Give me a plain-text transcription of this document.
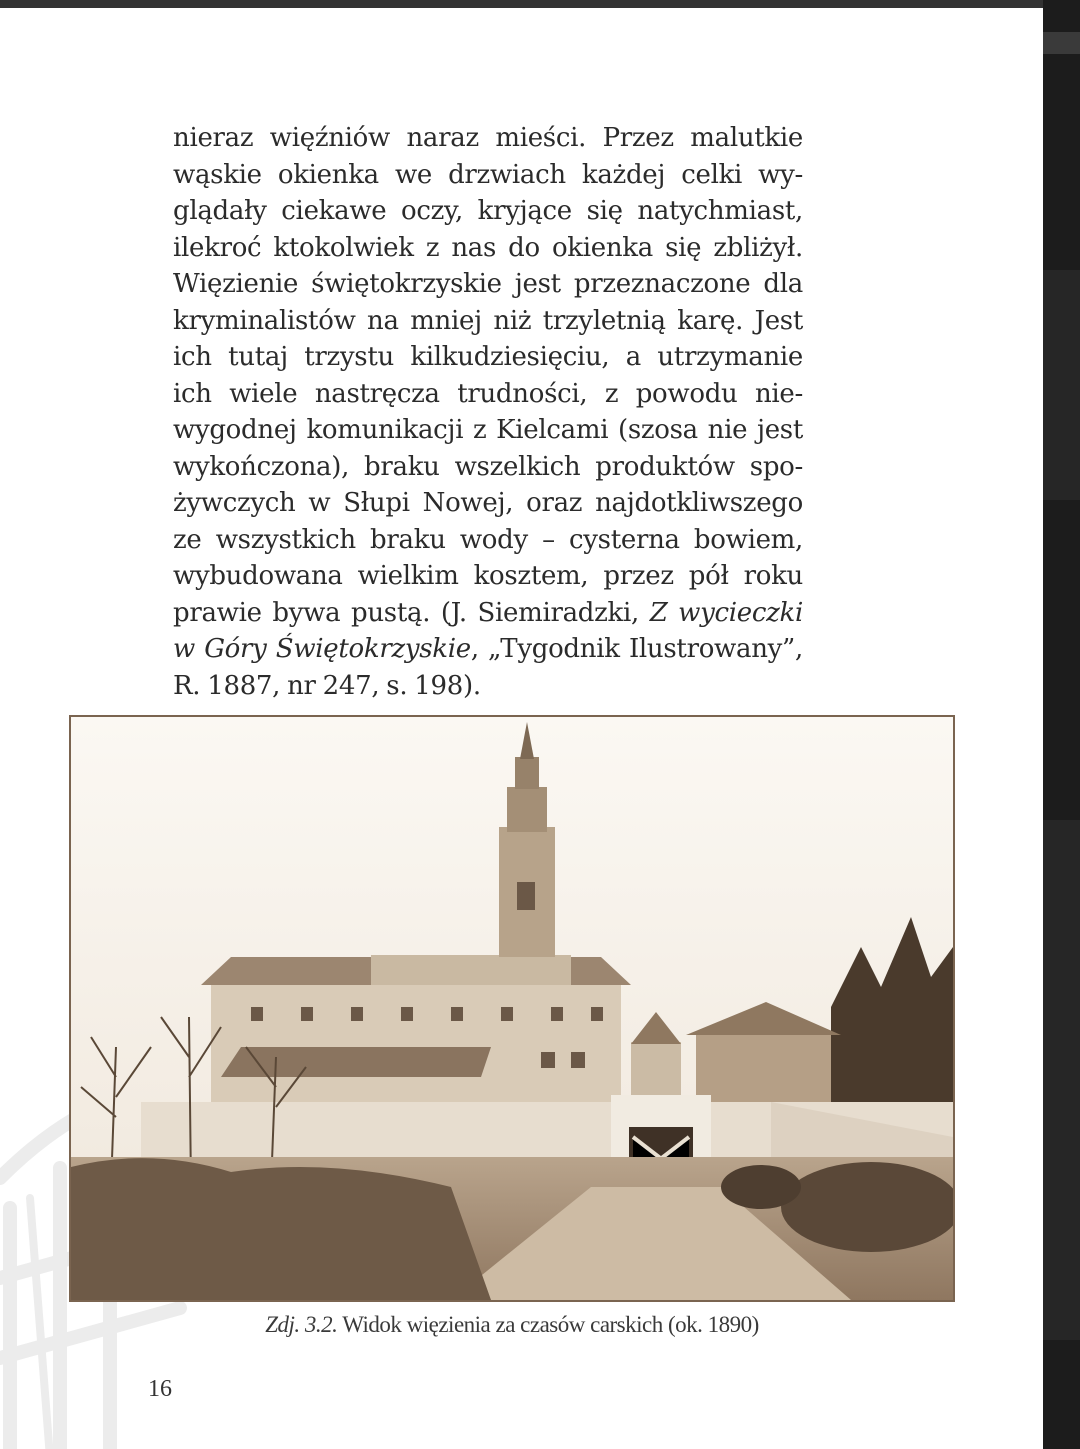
nieraz więźniów naraz mieści. Przez malutkie
wąskie okienka we drzwiach każdej celki wy-
glądały ciekawe oczy, kryjące się natychmiast,
ilekroć ktokolwiek z nas do okienka się zbliżył.
Więzienie świętokrzyskie jest przeznaczone dla
kryminalistów na mniej niż trzyletnią karę. Jest
ich tutaj trzystu kilkudziesięciu, a utrzymanie
ich wiele nastręcza trudności, z powodu nie-
wygodnej komunikacji z Kielcami (szosa nie jest
wykończona), braku wszelkich produktów spo-
żywczych w Słupi Nowej, oraz najdotkliwszego
ze wszystkich braku wody – cysterna bowiem,
wybudowana wielkim kosztem, przez pół roku
prawie bywa pustą. (J. Siemiradzki, Z wycieczki
w Góry Świętokrzyskie, „Tygodnik Ilustrowany”,
R. 1887, nr 247, s. 198).
Zdj. 3.2. Widok więzienia za czasów carskich (ok. 1890)
16
